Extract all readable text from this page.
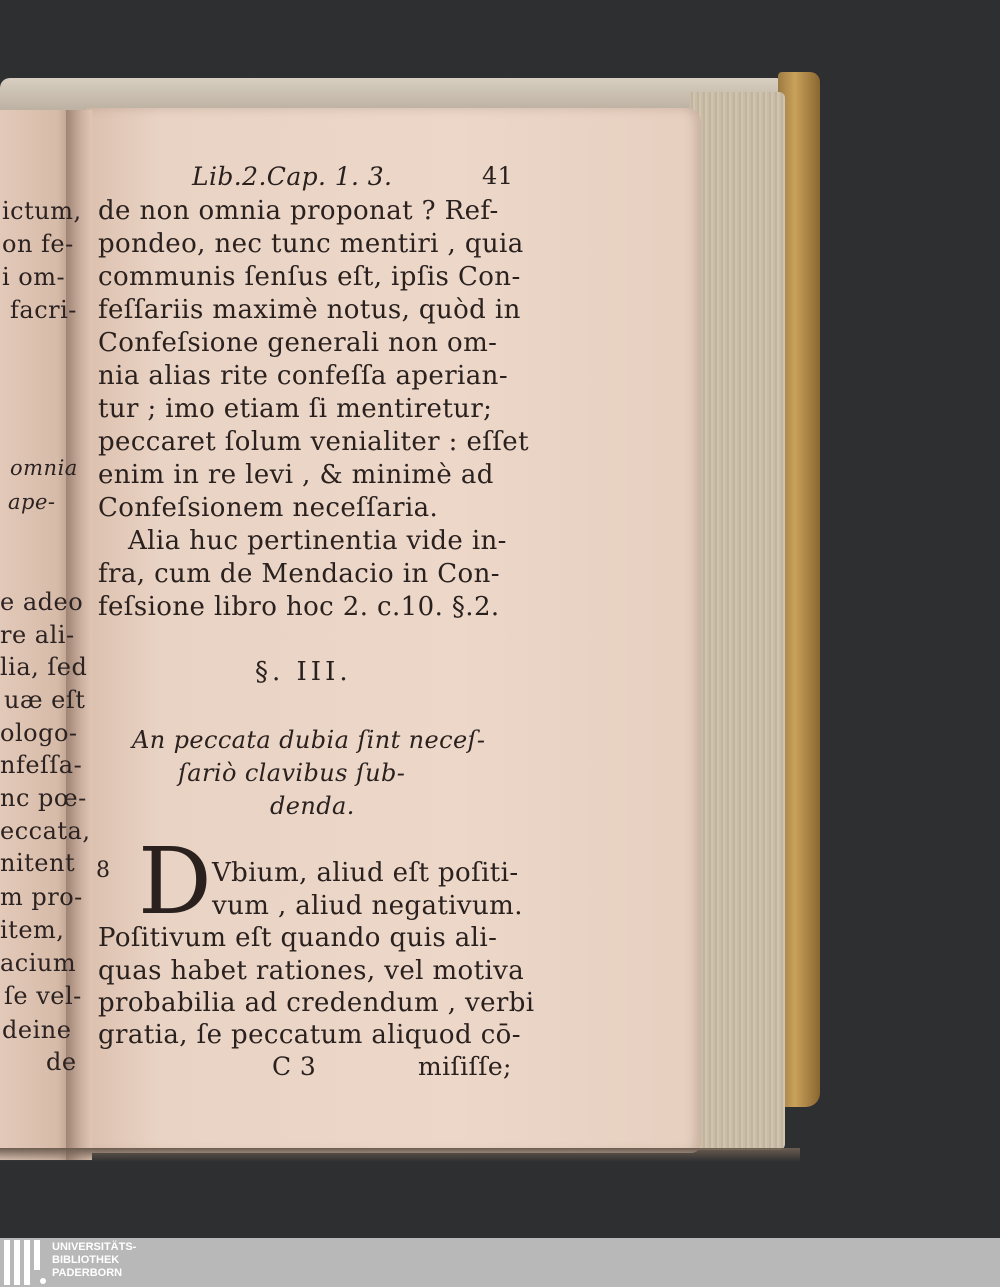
ictum,
on fe-
i om-
facri-
omnia
ape-
e adeo
re ali-
lia, ſed
uæ eſt
ologo-
nfeſſa-
nc pœ-
eccata,
nitent
m pro-
item,
acium
ſe vel-
deine
de
Lib.2.Cap. 1. 3.	41
de non omnia proponat ? Ref-
pondeo, nec tunc mentiri , quia
communis ſenſus eſt, ipſis Con-
feſſariis maximè notus, quòd in
Confeſsione generali non om-
nia alias rite confeſſa aperian-
tur ; imo etiam ſi mentiretur;
peccaret ſolum venialiter : eſſet
enim in re levi , & minimè ad
Confeſsionem neceſſaria.
Alia huc pertinentia vide in-
fra, cum de Mendacio in Con-
feſsione libro hoc 2. c.10. §.2.
§. III.
An peccata dubia ſint neceſ-
ſariò clavibus ſub-
denda.
8 D Vbium, aliud eſt poſiti-
vum , aliud negativum.
Poſitivum eſt quando quis ali-
quas habet rationes, vel motiva
probabilia ad credendum , verbi
gratia, ſe peccatum aliquod cō-
C 3	miſiſſe;
UNIVERSITÄTS-
BIBLIOTHEK
PADERBORN
